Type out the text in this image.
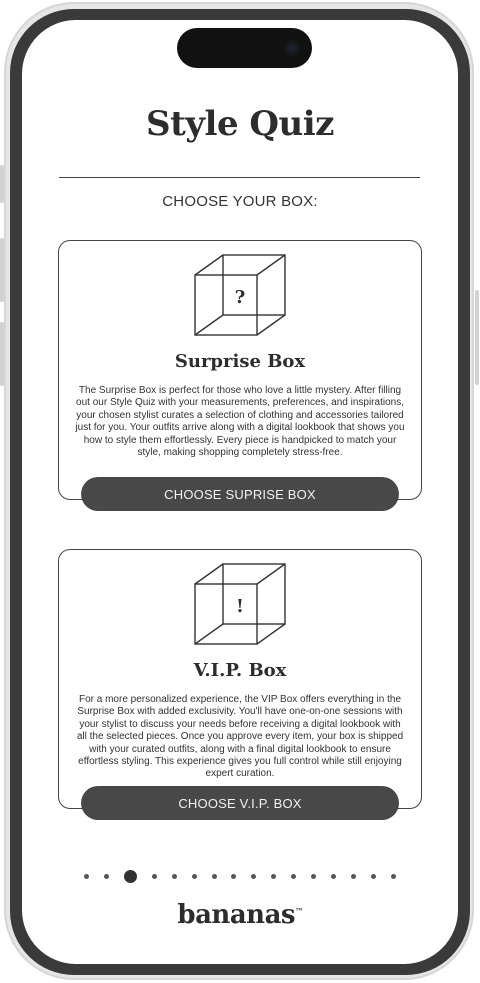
Style Quiz
CHOOSE YOUR BOX:
?
Surprise Box
The Surprise Box is perfect for those who love a little mystery. After filling out our Style Quiz with your measurements, preferences, and inspirations, your chosen stylist curates a selection of clothing and accessories tailored just for you. Your outfits arrive along with a digital lookbook that shows you how to style them effortlessly. Every piece is handpicked to match your style, making shopping completely stress-free.
CHOOSE SUPRISE BOX
!
V.I.P. Box
For a more personalized experience, the VIP Box offers everything in the Surprise Box with added exclusivity. You'll have one-on-one sessions with your stylist to discuss your needs before receiving a digital lookbook with all the selected pieces. Once you approve every item, your box is shipped with your curated outfits, along with a final digital lookbook to ensure effortless styling. This experience gives you full control while still enjoying expert curation.
CHOOSE V.I.P. BOX
bananas™
